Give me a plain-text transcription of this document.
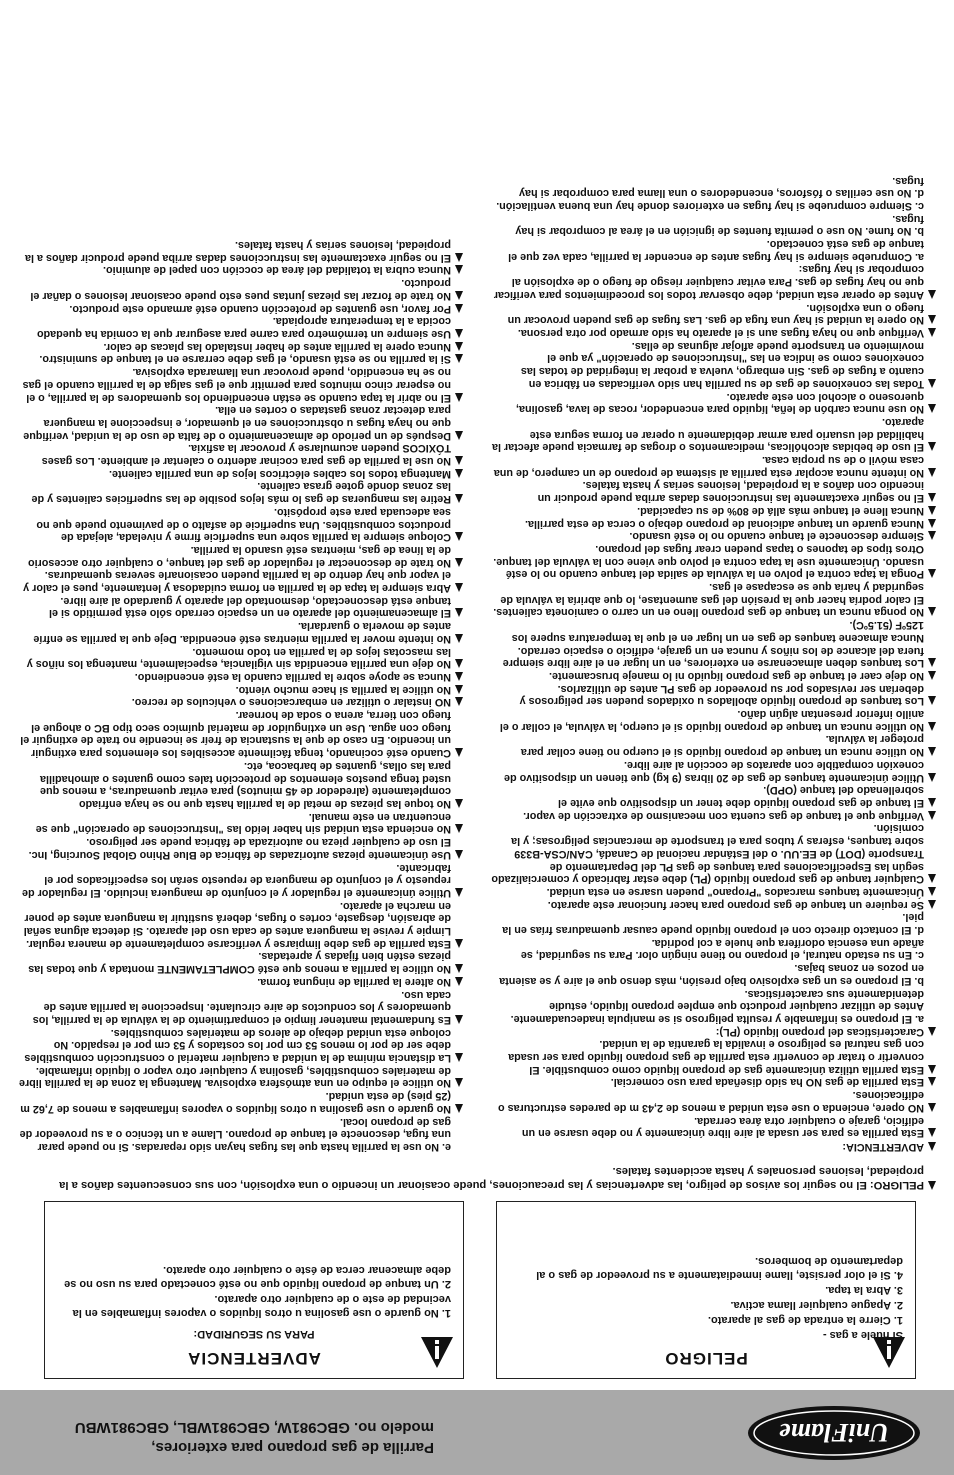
UniFlame
Parrilla de gas propano para exteriores,
modelo no. GBC981W, GBC981WBL, GBC981WBU
PELIGRO
Si huele a gas -
1. Cierre la entrada de gas al aparato.
2. Apague cualquier llama activa.
3. Abra la tapa.
4. Si el olor persiste, llame inmediatamente a su proveedor de gas o al departamento de bomberos.
ADVERTENCIA
PARA SU SEGURIDAD:
1. No guarde o use gasolina u otros líquidos o vapores inflamables en la vecindad de este o de cualquier otro aparato.
2. Un tanque de propano líquido que no esté conectado para su uso no se debe almacenar cerca de éste o cualquier otro aparato.
PELIGRO: El no seguir los avisos de peligro, las advertencias y las precauciones, puede ocasionar un incendio o una explosión, con sus consecuentes daños a la propiedad, lesiones personales y hasta accidentes fatales.
ADVERTENCIA:
Esta parrilla es para ser usada al aire libre únicamente y no debe usarse en un edificio, garaje o cualquier otra área cerrada.
NO opere, encienda o use esta unidad a menos de 2,43 m de paredes estructuras o edificaciones.
Esta parrilla de gas NO ha sido diseñada para uso comercial.
Esta parrilla utiliza únicamente gas de propano líquido como combustible. El convertir o tratar de convertir esta parrilla de gas propano líquido para ser usada con gas natural es peligroso e invalida la garantía de la unidad.
Características del propano líquido (PL):
a. El propano es inflamable y resulta peligroso si se manipula inadecuadamente. Antes de utilizar cualquier producto que emplee propano líquido, estudie detenidamente sus características.
b. El propano es un gas explosivo bajo presión, más denso que el aire y se asienta en pozos en zonas bajas.
c. En su estado natural, el propano no tiene ningún olor. Para su seguridad, se añade una esencia odorífera que huele a col podrida.
d. El contacto directo con el propano líquido puede causar quemaduras frías en la piel.
Se requiere un tanque de gas propano para hacer funcionar este aparato.
Únicamente tanques marcados "Propano" pueden usarse en esta unidad.
Cualquier tanque de gas propano líquido (PL) debe estar fabricado y comercializado según las Especificaciones para tanques de gas PL del Departamento de Transporte (DOT) de EE.UU. o del Estándar nacional de Canadá, CAN/CSA-B339 sobre tanques, esferas y tubos para el transporte de mercancías peligrosas; y la comisión.
Verifique que el tanque de gas cuenta con mecanismo de extracción de vapor.
El tanque de gas propano líquido debe tener un dispositivo que evite el sobrellenado del tanque (OPD).
Utilice únicamente tanques de gas de 20 libras (9 kg) que tienen un dispositivo de conexión compatible con aparatos de cocción al aire libre.
No utilice nunca un tanque de propano líquido si el cuerpo no tiene collar para proteger la válvula.
No utilice nunca un tanque de propano líquido si el cuerpo, la válvula, el collar o el anillo inferior presentan algún daño.
Los tanques de propano líquido abollados u oxidados pueden ser peligrosos y deberían ser revisados por su proveedor de gas PL antes de utilizarlos.
No deje caer el tanque de gas propano líquido ni lo maneje bruscamente.
Los tanques deben almacenarse en exteriores, en un lugar en el aire libre siempre fuera del alcance de los niños y nunca en un garaje, edificio o espacio cerrado. Nunca almacene tanques de gas en un lugar en el que la temperatura supere los 125ºF (51.5ºC).
No ponga nunca un tanque de gas propano lleno en un carro o camioneta calientes. El calor podría hacer que la presión del gas aumentase, lo que abriría la válvula de seguridad y haría que se escapase el gas.
Ponga la tapa contra el polvo en la válvula de salida del tanque cuando no lo esté usando. Únicamente use la tapa contra el polvo que viene con la válvula del tanque. Otros tipos de tapones o tapas pueden crear fugas del propano.
Siempre desconecte el tanque cuando no lo esté usando.
Nunca guarde un tanque adicional de propano debajo o cerca de esta parrilla.
Nunca llene el tanque más allá de 80% de su capacidad.
El no seguir exactamente las instrucciones dadas arriba puede producir un incendio con daños a la propiedad, lesiones serias y hasta fatales.
No intente nunca acoplar esta parrilla al sistema de propano de un campero, de una casa móvil o de su propia casa.
El uso de bebidas alcohólicas, medicamentos o drogas de farmacia puede afectar la habilidad del usuario para armar debidamente u operar en forma segura este aparato.
No use nunca carbón de leña, líquido para encendedor, rocas de lava, gasolina, queroseno o alcohol con este aparato.
Todas las conexiones de gas de su parrilla han sido verificadas en fábrica en cuanto a fugas de gas. Sin embargo, vuelva a probar la integridad de todas las conexiones como se indica en las "Instrucciones de operación" ya que el movimiento en transporte puede aflojar algunas de ellas.
Verifique que no haya fugas aun si el aparato ha sido armado por otra persona.
No opere la unidad si hay una fuga de gas. Las fugas de gas pueden provocar un fuego o una explosión.
Antes de operar esta unidad, debe observar todos los procedimientos para verificar que no hay fugas de gas. Para evitar cualquier riesgo de fuego o de explosión al comprobar si hay fugas:
a. Compruebe siempre si hay fugas antes de encender la parrilla, cada vez que el tanque de gas está conectado.
b. No fume. No use o permita fuentes de ignición en el área al comprobar si hay fugas.
c. Siempre compruebe si hay fugas en exteriores donde hay una buena ventilación.
d. No use cerillas o fósforos, encendedores o una llama para comprobar si hay fugas.
e. No use la parrilla hasta que las fugas hayan sido reparadas. Si no puede parar una fuga, desconecte el tanque de propano. Llame a un técnico o a su proveedor de gas de propano local.
No guarde o use gasolina u otros líquidos o vapores inflamables a menos de 7,62 m (25 pies) de esta unidad.
No utilice el equipo en una atmósfera explosiva. Mantenga la zona de la parrilla libre de materiales combustibles, gasolina y cualquier otro vapor o líquido inflamable.
La distancia mínima de la unidad a cualquier material o construcción combustibles debe ser de por lo menos 53 cm por los costados y 53 cm por el respaldo. No coloque esta unidad debajo de aleros de materiales combustibles.
Es fundamental mantener limpio el compartimiento de la válvula de la parrilla, los quemadores y los conductos de aire circulante. Inspeccione la parrilla antes de cada uso.
No altere la parrilla de ninguna forma.
No utilice la parrilla a menos que esté COMPLETAMENTE montada y que todas las piezas estén bien fijadas y apretadas.
Esta parrilla de gas debe limpiarse y verificarse completamente de manera regular. Limpie y revise la manguera antes de cada uso del aparato. Si detecta alguna señal de abrasión, desgaste, cortes o fugas, deberá sustituir la manguera antes de poner en marcha el aparato.
Utilice únicamente el regulador y el conjunto de manguera incluido. El regulador de repuesto y el conjunto de manguera de repuesto serán los especificados por el fabricante.
Use únicamente piezas autorizadas de fábrica de Blue Rhino Global Sourcing, Inc. El uso de cualquier pieza no autorizada de fábrica puede ser peligroso.
No encienda esta unidad sin haber leído las "Instrucciones de operación" que se encuentran en este manual.
No toque las piezas de metal de la parrilla hasta que no se haya enfriado completamente (alrededor de 45 minutos) para evitar quemaduras, a menos que usted tenga puestos elementos de protección tales como guantes o almohadilla para las ollas, guantes de barbacoa, etc.
Cuando esté cocinando, tenga fácilmente accesibles los elementos para extinguir un incendio. En caso de que la sustancia de freír se incendie no trate de extinguir el fuego con agua. Use un extinguidor de material químico seco tipo BC o ahogue el fuego con tierra, arena o soda de hornear.
NO instalar o utilizar en embarcaciones o vehículos de recreo.
No utilice la parrilla si hace mucho viento.
Nunca se apoye sobre la parrilla cuando la esté encendiendo.
No deje una parrilla encendida sin vigilancia, especialmente, mantenga los niños y las mascotas lejos de la parrilla en todo momento.
No intente mover la parrilla mientras esté encendida. Deje que la parrilla se enfríe antes de moverla o guardarla.
El almacenamiento del aparato en un espacio cerrado sólo está permitido si el tanque está desconectado, desmontado del aparato y guardado al aire libre.
Abra siempre la tapa de la parrilla en forma cuidadosa y lentamente, pues el calor y el vapor que hay dentro de la parrilla pueden ocasionarle severas quemaduras.
No trate de desconectar el regulador de gas del tanque, o cualquier otro accesorio de la línea de gas, mientras esté usando la parrilla.
Coloque siempre la parrilla sobre una superficie firme y nivelada, alejada de productos combustibles. Una superficie de asfalto o de pavimento puede que no sea adecuada para este propósito.
Retire las mangueras de gas lo más lejos posible de las superficies calientes y de las zonas donde gotee grasa caliente.
Mantenga todos los cables eléctricos lejos de una parrilla caliente.
No use la parrilla de gas para cocinar adentro o calentar el ambiente. Los gases TÓXICOS pueden acumularse y provocar la asfixia.
Después de un periodo de almacenamiento o de falta de uso de la unidad, verifique que no haya fugas u obstrucciones en el quemador, e inspeccione la manguera para detectar zonas gastadas o cortes en ella.
El no abrir la tapa cuando se están encendiendo los quemadores de la parrilla, o el no esperar cinco minutos para permitir que el gas salga de la parrilla cuando el gas no se ha encendido, puede provocar una llamarada explosiva.
Si la parrilla no se está usando, el gas debe cerrarse en el tanque de suministro.
Nunca opere la parrilla antes de haber instalado las placas de calor.
Use siempre un termómetro para carne para asegurar que la comida ha quedado cocida a la temperatura apropiada.
Por favor, use guantes de protección cuando esté armando este producto.
No trate de forzar las piezas juntas pues esto puede ocasionar lesiones o dañar el producto.
Nunca cubra la totalidad del área de cocción con papel de aluminio.
El no seguir exactamente las instrucciones dadas arriba puede producir daños a la propiedad, lesiones serias y hasta fatales.
